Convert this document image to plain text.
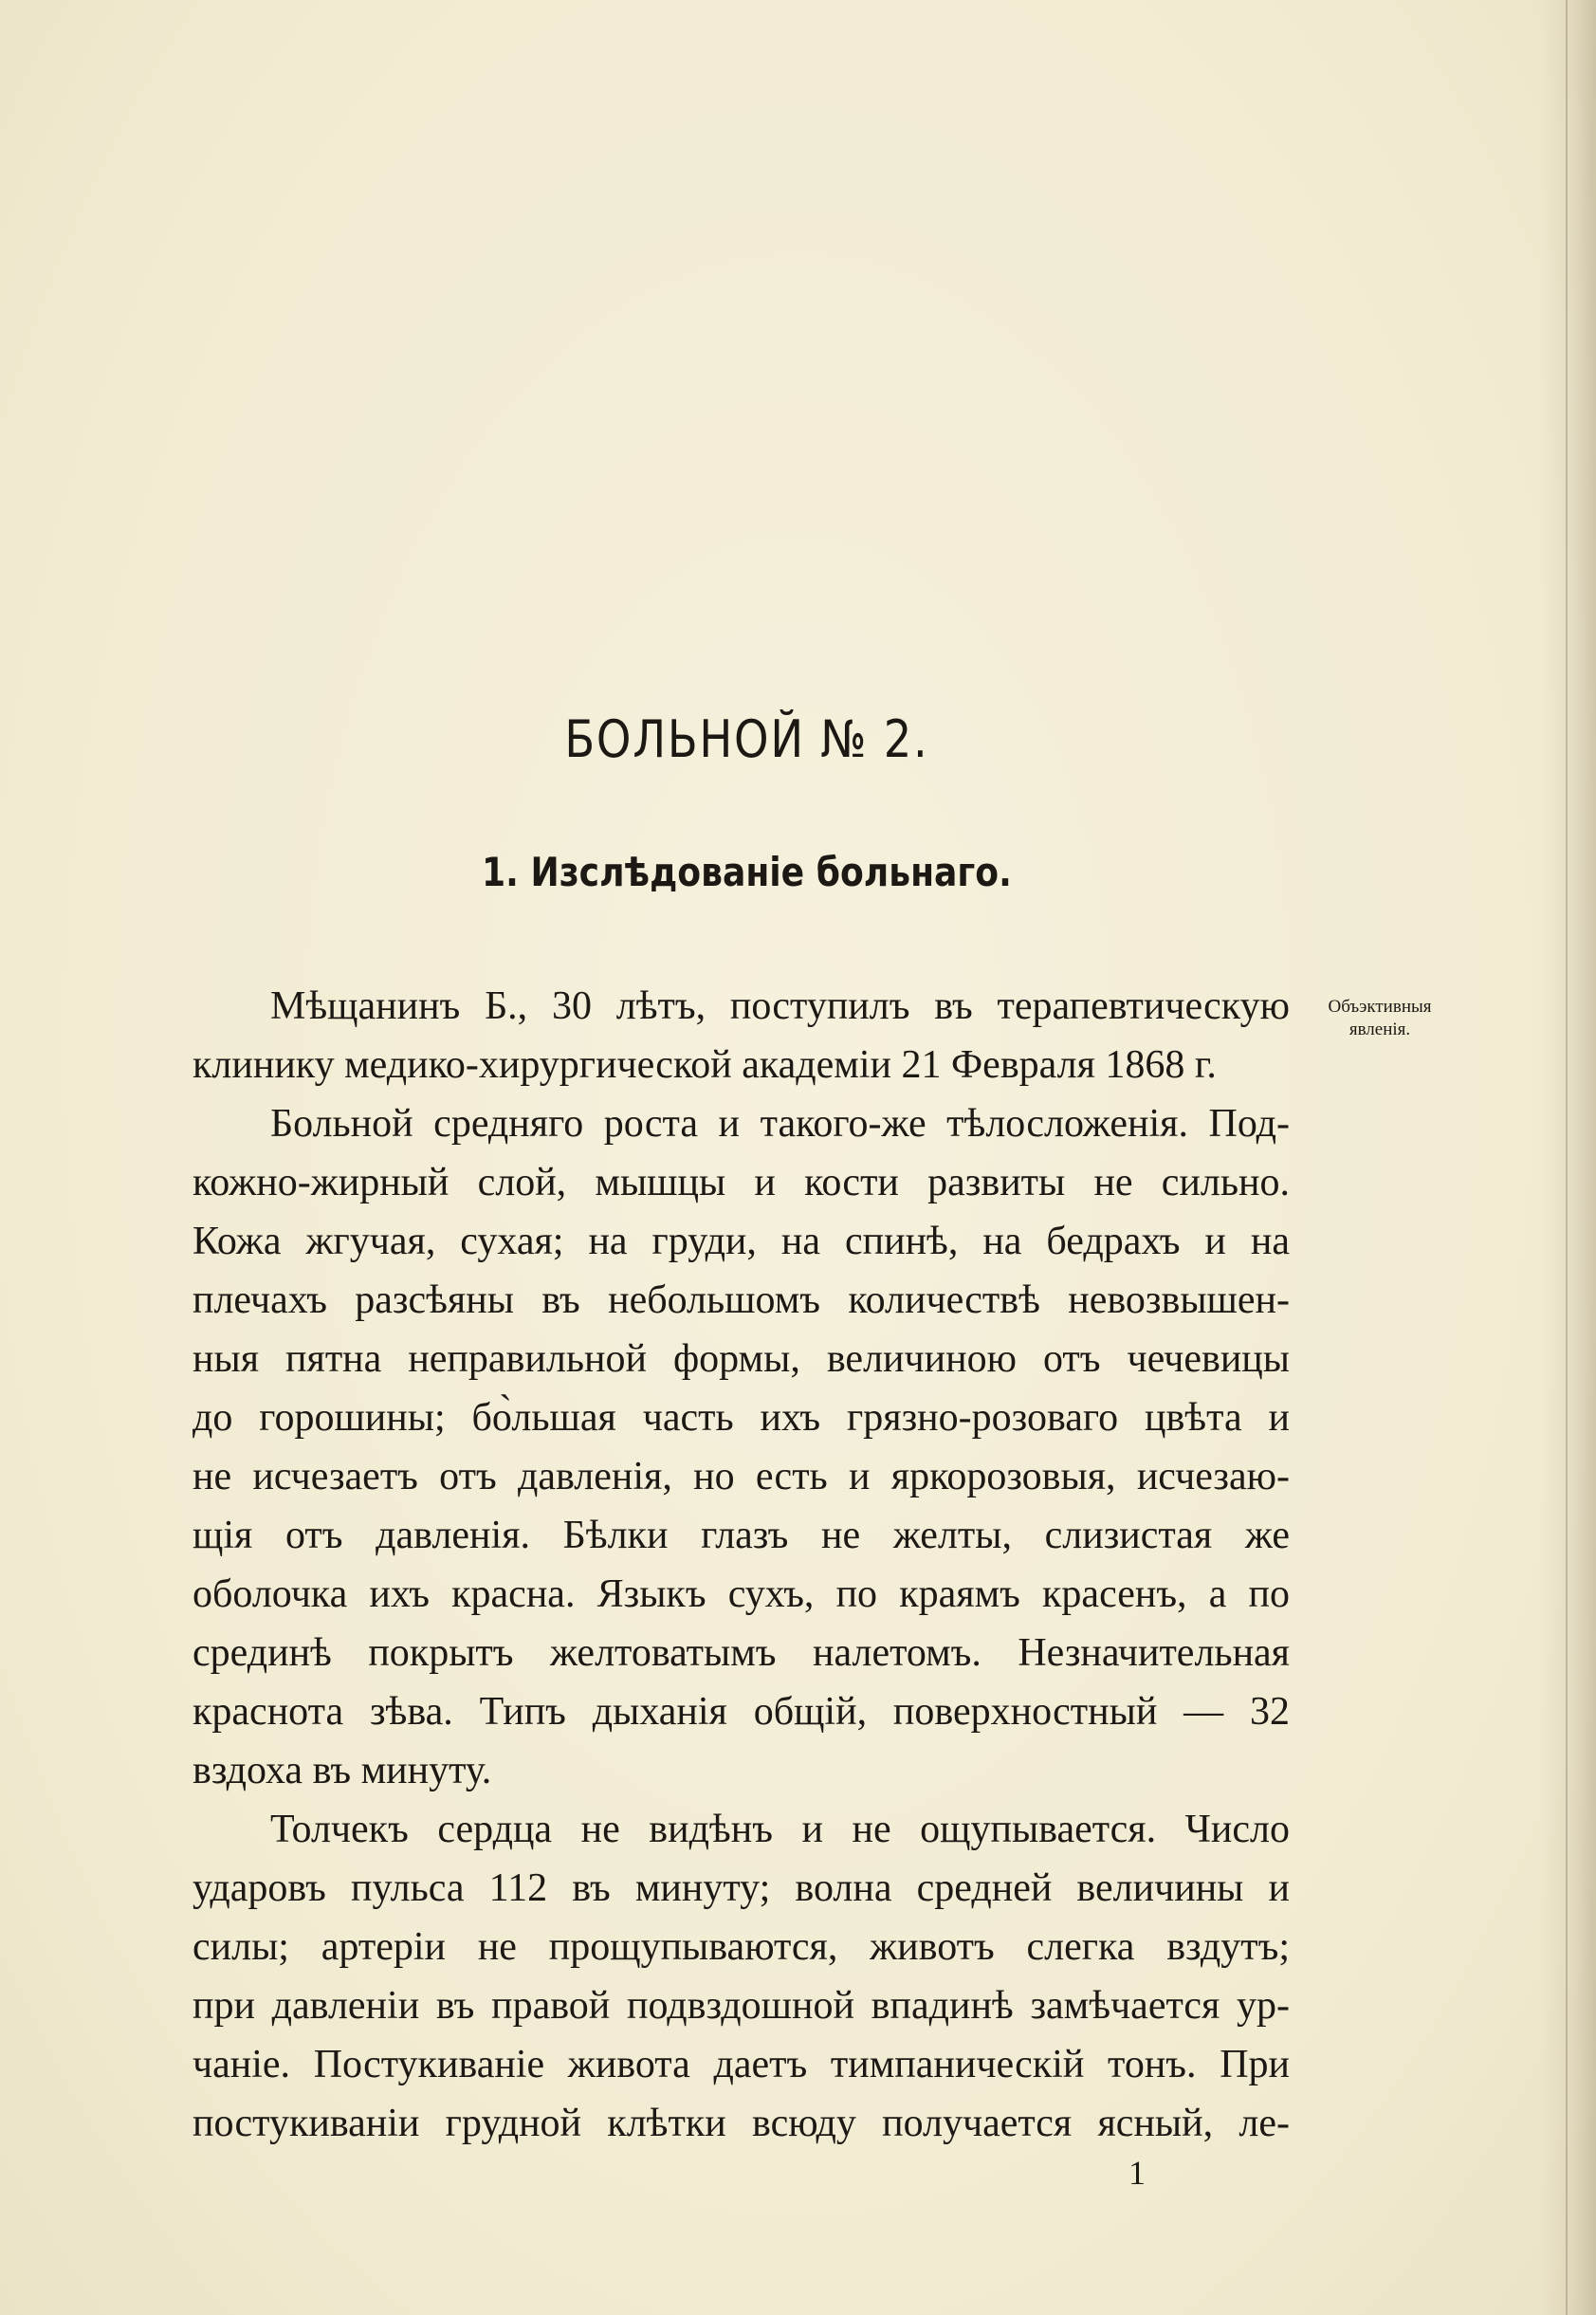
БОЛЬНОЙ № 2.
1. Изслѣдованіе больнаго.
Мѣщанинъ Б., 30 лѣтъ, поступилъ въ терапевтическую
клинику медико-хирургической академіи 21 Февраля 1868 г.
Больной средняго роста и такого-же тѣлосложенія. Под-
кожно-жирный слой, мышцы и кости развиты не сильно.
Кожа жгучая, сухая; на груди, на спинѣ, на бедрахъ и на
плечахъ разсѣяны въ небольшомъ количествѣ невозвышен-
ныя пятна неправильной формы, величиною отъ чечевицы
до горошины; бо̀льшая часть ихъ грязно-розоваго цвѣта и
не исчезаетъ отъ давленія, но есть и яркорозовыя, исчезаю-
щія отъ давленія. Бѣлки глазъ не желты, слизистая же
оболочка ихъ красна. Языкъ сухъ, по краямъ красенъ, а по
срединѣ покрытъ желтоватымъ налетомъ. Незначительная
краснота зѣва. Типъ дыханія общій, поверхностный — 32
вздоха въ минуту.
Толчекъ сердца не видѣнъ и не ощупывается. Число
ударовъ пульса 112 въ минуту; волна средней величины и
силы; артеріи не прощупываются, животъ слегка вздутъ;
при давленіи въ правой подвздошной впадинѣ замѣчается ур-
чаніе. Постукиваніе живота даетъ тимпаническій тонъ. При
постукиваніи грудной клѣтки всюду получается ясный, ле-
Объэктивныя
явленія.
1
